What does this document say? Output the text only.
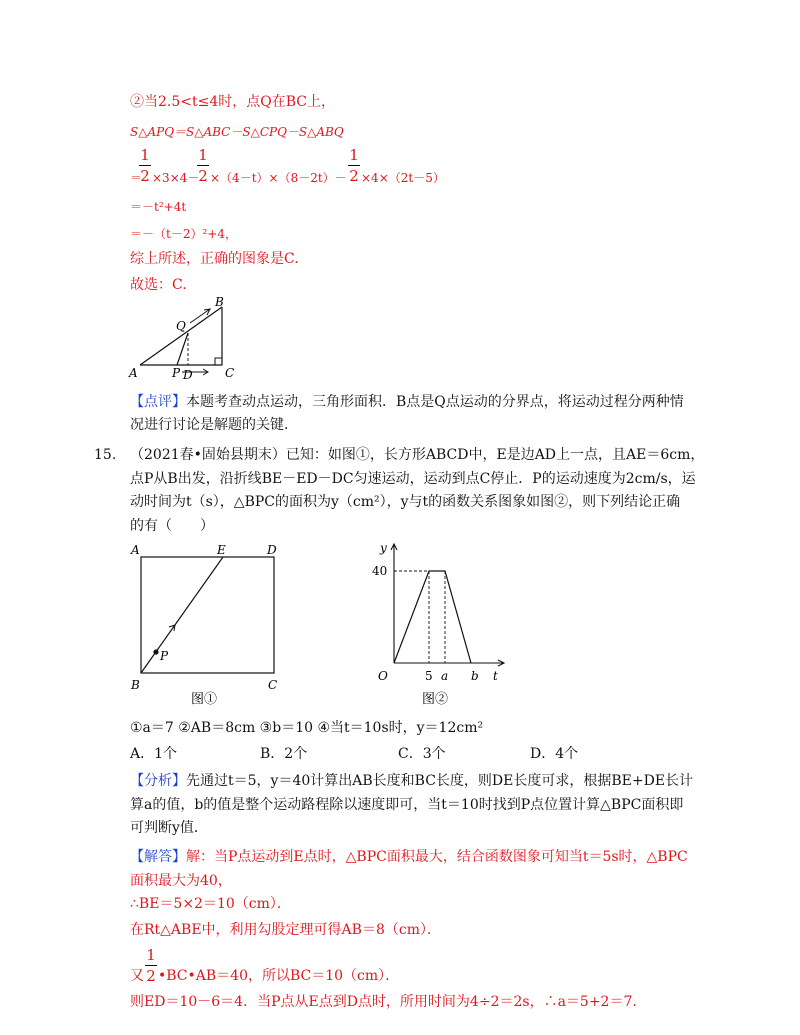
②当2.5<t≤4时，点Q在BC上，
S△APQ＝S△ABC－S△CPQ－S△ABQ
1
2
1
2
1
2
＝ ×3×4－ ×（4－t）×（8－2t）－ ×4×（2t－5）
＝－t²+4t
＝－（t－2）²+4，
综上所述，正确的图象是C.
故选：C.
A
B
C
Q
P D
【点评】本题考查动点运动，三角形面积．B点是Q点运动的分界点，将运动过程分两种情
况进行讨论是解题的关键．
15. （2021春•固始县期末）已知：如图①，长方形ABCD中，E是边AD上一点，且AE＝6cm，
点P从B出发，沿折线BE－ED－DC匀速运动，运动到点C停止．P的运动速度为2cm/s，运
动时间为t（s），△BPC的面积为y（cm²），y与t的函数关系图象如图②，则下列结论正确
的有（　　）
A	E	D
B	C
P
图①
y
40
O	5 a b t
图②
①a＝7 ②AB＝8cm ③b＝10 ④当t＝10s时，y＝12cm²
A．1个	B．2个	C．3个	D．4个
【分析】先通过t＝5，y＝40计算出AB长度和BC长度，则DE长度可求，根据BE+DE长计
算a的值，b的值是整个运动路程除以速度即可，当t＝10时找到P点位置计算△BPC面积即
可判断y值．
【解答】解：当P点运动到E点时，△BPC面积最大，结合函数图象可知当t＝5s时，△BPC
面积最大为40，
∴BE＝5×2＝10（cm）．
在Rt△ABE中，利用勾股定理可得AB＝8（cm）．
1
2
又 •BC•AB＝40，所以BC＝10（cm）．
则ED＝10－6＝4．当P点从E点到D点时，所用时间为4÷2＝2s，∴a＝5+2＝7.
